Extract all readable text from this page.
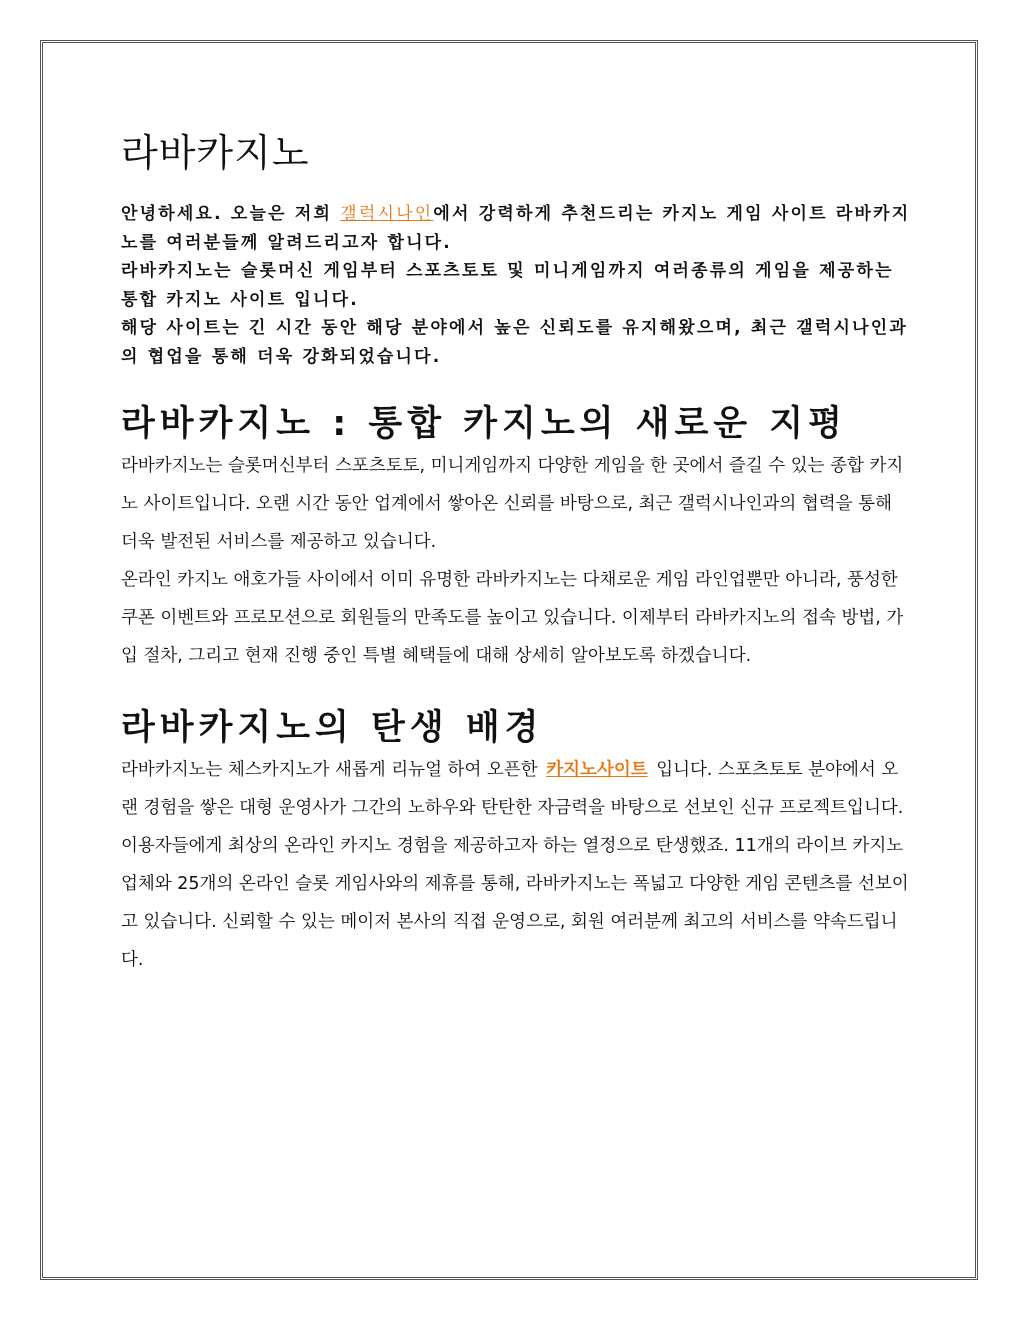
라바카지노

안녕하세요. 오늘은 저희 갤럭시나인에서 강력하게 추천드리는 카지노 게임 사이트 라바카지노를 여러분들께 알려드리고자 합니다.

라바카지노는 슬롯머신 게임부터 스포츠토토 및 미니게임까지 여러종류의 게임을 제공하는 통합 카지노 사이트 입니다.

해당 사이트는 긴 시간 동안 해당 분야에서 높은 신뢰도를 유지해왔으며, 최근 갤럭시나인과의 협업을 통해 더욱 강화되었습니다.

라바카지노 : 통합 카지노의 새로운 지평

라바카지노는 슬롯머신부터 스포츠토토, 미니게임까지 다양한 게임을 한 곳에서 즐길 수 있는 종합 카지노 사이트입니다. 오랜 시간 동안 업계에서 쌓아온 신뢰를 바탕으로, 최근 갤럭시나인과의 협력을 통해 더욱 발전된 서비스를 제공하고 있습니다.

온라인 카지노 애호가들 사이에서 이미 유명한 라바카지노는 다채로운 게임 라인업뿐만 아니라, 풍성한 쿠폰 이벤트와 프로모션으로 회원들의 만족도를 높이고 있습니다. 이제부터 라바카지노의 접속 방법, 가입 절차, 그리고 현재 진행 중인 특별 혜택들에 대해 상세히 알아보도록 하겠습니다.

라바카지노의 탄생 배경

라바카지노는 체스카지노가 새롭게 리뉴얼 하여 오픈한 카지노사이트 입니다. 스포츠토토 분야에서 오랜 경험을 쌓은 대형 운영사가 그간의 노하우와 탄탄한 자금력을 바탕으로 선보인 신규 프로젝트입니다. 이용자들에게 최상의 온라인 카지노 경험을 제공하고자 하는 열정으로 탄생했죠. 11개의 라이브 카지노 업체와 25개의 온라인 슬롯 게임사와의 제휴를 통해, 라바카지노는 폭넓고 다양한 게임 콘텐츠를 선보이고 있습니다. 신뢰할 수 있는 메이저 본사의 직접 운영으로, 회원 여러분께 최고의 서비스를 약속드립니다.
